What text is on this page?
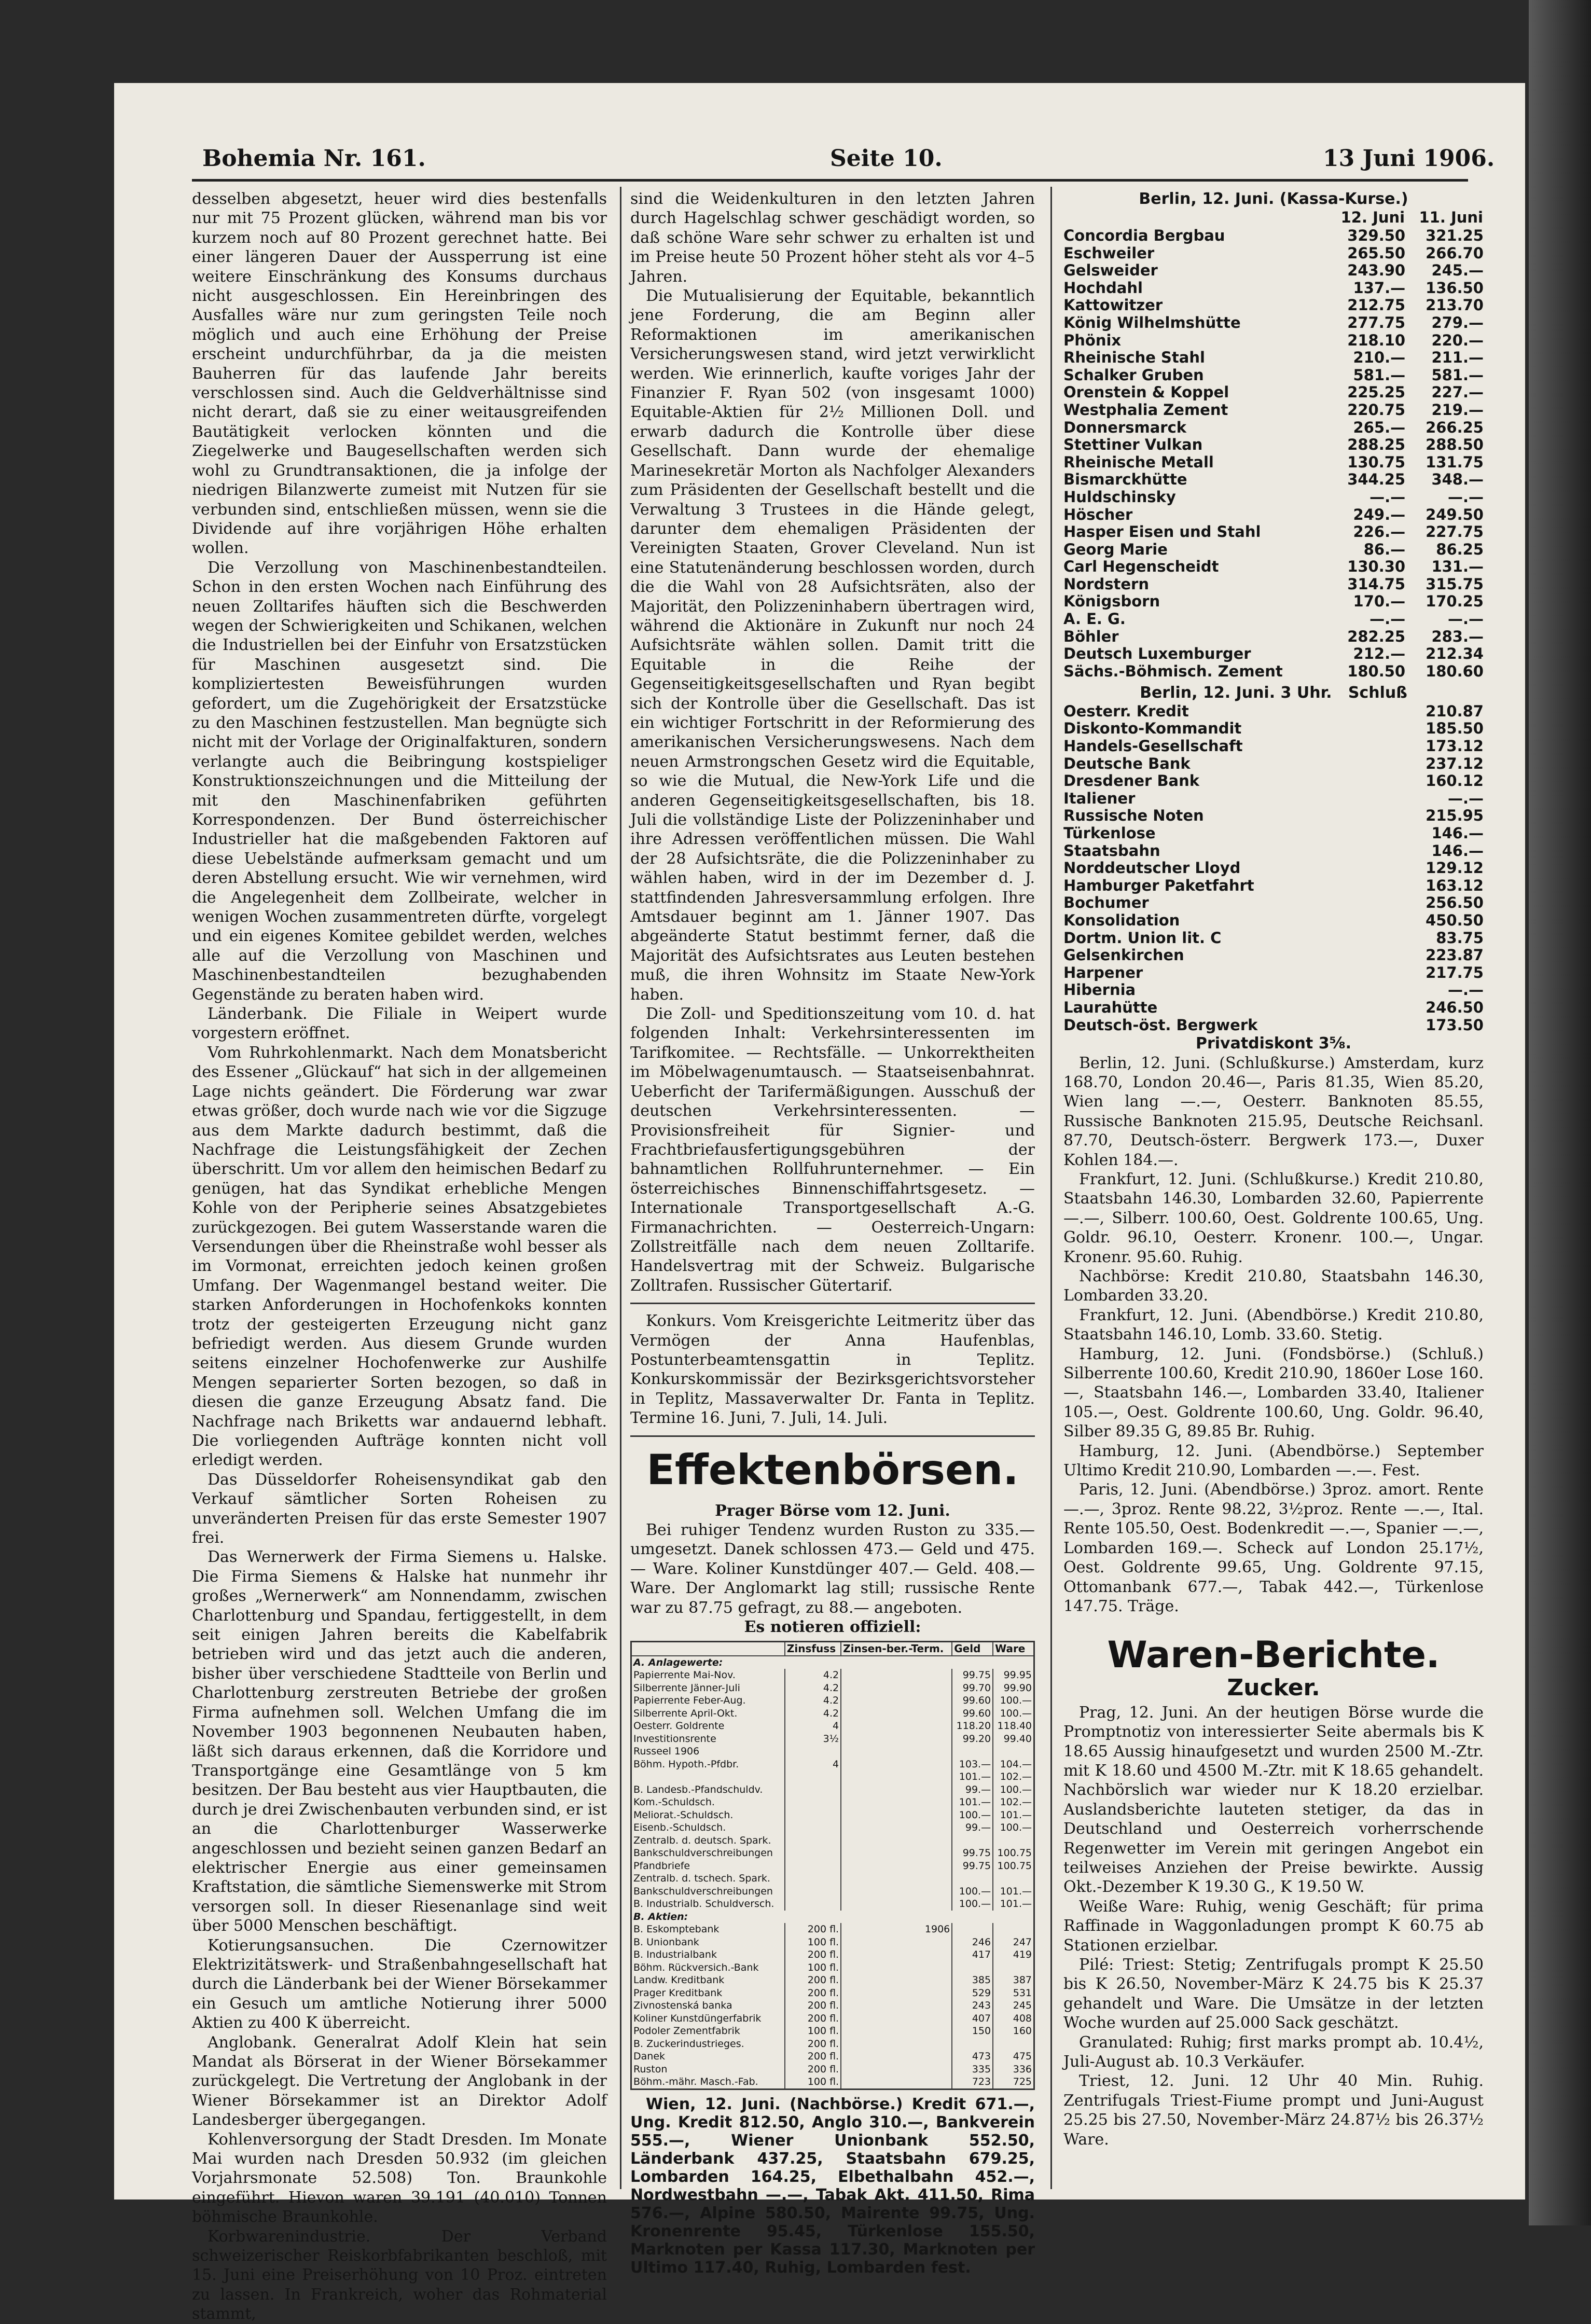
Bohemia Nr. 161.	Seite 10.	13 Juni 1906.

desselben abgesetzt, heuer wird dies bestenfalls nur mit 75 Prozent glücken, während man bis vor kurzem noch auf 80 Prozent gerechnet hatte. Bei einer längeren Dauer der Aussperrung ist eine weitere Einschränkung des Konsums durchaus nicht ausgeschlossen. Ein Hereinbringen des Ausfalles wäre nur zum geringsten Teile noch möglich und auch eine Erhöhung der Preise erscheint undurchführbar, da ja die meisten Bauherren für das laufende Jahr bereits verschlossen sind. Auch die Geldverhältnisse sind nicht derart, daß sie zu einer weitausgreifenden Bautätigkeit verlocken könnten und die Ziegelwerke und Baugesellschaften werden sich wohl zu Grundtransaktionen, die ja infolge der niedrigen Bilanzwerte zumeist mit Nutzen für sie verbunden sind, entschließen müssen, wenn sie die Dividende auf ihre vorjährigen Höhe erhalten wollen.

Die Verzollung von Maschinenbestandteilen. Schon in den ersten Wochen nach Einführung des neuen Zolltarifes häuften sich die Beschwerden wegen der Schwierigkeiten und Schikanen, welchen die Industriellen bei der Einfuhr von Ersatzstücken für Maschinen ausgesetzt sind. Die kompliziertesten Beweisführungen wurden gefordert, um die Zugehörigkeit der Ersatzstücke zu den Maschinen festzustellen. Man begnügte sich nicht mit der Vorlage der Originalfakturen, sondern verlangte auch die Beibringung kostspieliger Konstruktionszeichnungen und die Mitteilung der mit den Maschinenfabriken geführten Korrespondenzen. Der Bund österreichischer Industrieller hat die maßgebenden Faktoren auf diese Uebelstände aufmerksam gemacht und um deren Abstellung ersucht. Wie wir vernehmen, wird die Angelegenheit dem Zollbeirate, welcher in wenigen Wochen zusammentreten dürfte, vorgelegt und ein eigenes Komitee gebildet werden, welches alle auf die Verzollung von Maschinen und Maschinenbestandteilen bezughabenden Gegenstände zu beraten haben wird.

Länderbank. Die Filiale in Weipert wurde vorgestern eröffnet.

Vom Ruhrkohlenmarkt. Nach dem Monatsbericht des Essener „Glückauf“ hat sich in der allgemeinen Lage nichts geändert. Die Förderung war zwar etwas größer, doch wurde nach wie vor die Sigzuge aus dem Markte dadurch bestimmt, daß die Nachfrage die Leistungsfähigkeit der Zechen überschritt. Um vor allem den heimischen Bedarf zu genügen, hat das Syndikat erhebliche Mengen Kohle von der Peripherie seines Absatzgebietes zurückgezogen. Bei gutem Wasserstande waren die Versendungen über die Rheinstraße wohl besser als im Vormonat, erreichten jedoch keinen großen Umfang. Der Wagenmangel bestand weiter. Die starken Anforderungen in Hochofenkoks konnten trotz der gesteigerten Erzeugung nicht ganz befriedigt werden. Aus diesem Grunde wurden seitens einzelner Hochofenwerke zur Aushilfe Mengen separierter Sorten bezogen, so daß in diesen die ganze Erzeugung Absatz fand. Die Nachfrage nach Briketts war andauernd lebhaft. Die vorliegenden Aufträge konnten nicht voll erledigt werden.

Das Düsseldorfer Roheisensyndikat gab den Verkauf sämtlicher Sorten Roheisen zu unveränderten Preisen für das erste Semester 1907 frei.

Das Wernerwerk der Firma Siemens u. Halske. Die Firma Siemens & Halske hat nunmehr ihr großes „Wernerwerk“ am Nonnendamm, zwischen Charlottenburg und Spandau, fertiggestellt, in dem seit einigen Jahren bereits die Kabelfabrik betrieben wird und das jetzt auch die anderen, bisher über verschiedene Stadtteile von Berlin und Charlottenburg zerstreuten Betriebe der großen Firma aufnehmen soll. Welchen Umfang die im November 1903 begonnenen Neubauten haben, läßt sich daraus erkennen, daß die Korridore und Transportgänge eine Gesamtlänge von 5 km besitzen. Der Bau besteht aus vier Hauptbauten, die durch je drei Zwischenbauten verbunden sind, er ist an die Charlottenburger Wasserwerke angeschlossen und bezieht seinen ganzen Bedarf an elektrischer Energie aus einer gemeinsamen Kraftstation, die sämtliche Siemenswerke mit Strom versorgen soll. In dieser Riesenanlage sind weit über 5000 Menschen beschäftigt.

Kotierungsansuchen. Die Czernowitzer Elektrizitätswerk- und Straßenbahngesellschaft hat durch die Länderbank bei der Wiener Börsekammer ein Gesuch um amtliche Notierung ihrer 5000 Aktien zu 400 K überreicht.

Anglobank. Generalrat Adolf Klein hat sein Mandat als Börserat in der Wiener Börsekammer zurückgelegt. Die Vertretung der Anglobank in der Wiener Börsekammer ist an Direktor Adolf Landesberger übergegangen.

Kohlenversorgung der Stadt Dresden. Im Monate Mai wurden nach Dresden 50.932 (im gleichen Vorjahrsmonate 52.508) Ton. Braunkohle eingeführt. Hievon waren 39.191 (40.010) Tonnen böhmische Braunkohle.

Korbwarenindustrie. Der Verband schweizerischer Reiskorbfabrikanten beschloß, mit 15. Juni eine Preiserhöhung von 10 Proz. eintreten zu lassen. In Frankreich, woher das Rohmaterial stammt,

sind die Weidenkulturen in den letzten Jahren durch Hagelschlag schwer geschädigt worden, so daß schöne Ware sehr schwer zu erhalten ist und im Preise heute 50 Prozent höher steht als vor 4–5 Jahren.

Die Mutualisierung der Equitable, bekanntlich jene Forderung, die am Beginn aller Reformaktionen im amerikanischen Versicherungswesen stand, wird jetzt verwirklicht werden. Wie erinnerlich, kaufte voriges Jahr der Finanzier F. Ryan 502 (von insgesamt 1000) Equitable-Aktien für 2½ Millionen Doll. und erwarb dadurch die Kontrolle über diese Gesellschaft. Dann wurde der ehemalige Marinesekretär Morton als Nachfolger Alexanders zum Präsidenten der Gesellschaft bestellt und die Verwaltung 3 Trustees in die Hände gelegt, darunter dem ehemaligen Präsidenten der Vereinigten Staaten, Grover Cleveland. Nun ist eine Statutenänderung beschlossen worden, durch die die Wahl von 28 Aufsichtsräten, also der Majorität, den Polizzeninhabern übertragen wird, während die Aktionäre in Zukunft nur noch 24 Aufsichtsräte wählen sollen. Damit tritt die Equitable in die Reihe der Gegenseitigkeitsgesellschaften und Ryan begibt sich der Kontrolle über die Gesellschaft. Das ist ein wichtiger Fortschritt in der Reformierung des amerikanischen Versicherungswesens. Nach dem neuen Armstrongschen Gesetz wird die Equitable, so wie die Mutual, die New-York Life und die anderen Gegenseitigkeitsgesellschaften, bis 18. Juli die vollständige Liste der Polizzeninhaber und ihre Adressen veröffentlichen müssen. Die Wahl der 28 Aufsichtsräte, die die Polizzeninhaber zu wählen haben, wird in der im Dezember d. J. stattfindenden Jahresversammlung erfolgen. Ihre Amtsdauer beginnt am 1. Jänner 1907. Das abgeänderte Statut bestimmt ferner, daß die Majorität des Aufsichtsrates aus Leuten bestehen muß, die ihren Wohnsitz im Staate New-York haben.

Die Zoll- und Speditionszeitung vom 10. d. hat folgenden Inhalt: Verkehrsinteressenten im Tarifkomitee. — Rechtsfälle. — Unkorrektheiten im Möbelwagenumtausch. — Staatseisenbahnrat. Ueberficht der Tarifermäßigungen. Ausschuß der deutschen Verkehrsinteressenten. — Provisionsfreiheit für Signier- und Frachtbriefausfertigungsgebühren der bahnamtlichen Rollfuhrunternehmer. — Ein österreichisches Binnenschiffahrtsgesetz. — Internationale Transportgesellschaft A.-G. Firmanachrichten. — Oesterreich-Ungarn: Zollstreitfälle nach dem neuen Zolltarife. Handelsvertrag mit der Schweiz. Bulgarische Zolltrafen. Russischer Gütertarif.

Konkurs. Vom Kreisgerichte Leitmeritz über das Vermögen der Anna Haufenblas, Postunterbeamtensgattin in Teplitz. Konkurskommissär der Bezirksgerichtsvorsteher in Teplitz, Massaverwalter Dr. Fanta in Teplitz. Termine 16. Juni, 7. Juli, 14. Juli.

Effektenbörsen.

Prager Börse vom 12. Juni.

Bei ruhiger Tendenz wurden Ruston zu 335.— umgesetzt. Danek schlossen 473.— Geld und 475.— Ware. Koliner Kunstdünger 407.— Geld. 408.— Ware. Der Anglomarkt lag still; russische Rente war zu 87.75 gefragt, zu 88.— angeboten.

Es notieren offiziell:

	Zinsfuss	Zinsen-ber.-Term.	Geld	Ware
A. Anlagewerte:				
Papierrente Mai-Nov.	4.2		99.75	99.95
Silberrente Jänner-Juli	4.2		99.70	99.90
Papierrente Feber-Aug.	4.2		99.60	100.—
Silberrente April-Okt.	4.2		99.60	100.—
Oesterr. Goldrente	4		118.20	118.40
Investitionsrente	3½		99.20	99.40
Russeel 1906				
Böhm. Hypoth.-Pfdbr.	4		103.—	104.—
			101.—	102.—
B. Landesb.-Pfandschuldv.			99.—	100.—
Kom.-Schuldsch.			101.—	102.—
Meliorat.-Schuldsch.			100.—	101.—
Eisenb.-Schuldsch.			99.—	100.—
Zentralb. d. deutsch. Spark.				
Bankschuldverschreibungen			99.75	100.75
Pfandbriefe			99.75	100.75
Zentralb. d. tschech. Spark.				
Bankschuldverschreibungen			100.—	101.—
B. Industrialb. Schuldversch.			100.—	101.—
B. Aktien:				
B. Eskomptebank	200 fl.	1906		
B. Unionbank	100 fl.		246	247
B. Industrialbank	200 fl.		417	419
Böhm. Rückversich.-Bank	100 fl.			
Landw. Kreditbank	200 fl.		385	387
Prager Kreditbank	200 fl.		529	531
Zivnostenská banka	200 fl.		243	245
Koliner Kunstdüngerfabrik	200 fl.		407	408
Podoler Zementfabrik	100 fl.		150	160
B. Zuckerindustrieges.	200 fl.			
Danek	200 fl.		473	475
Ruston	200 fl.		335	336
Böhm.-mähr. Masch.-Fab.	100 fl.		723	725

Wien, 12. Juni. (Nachbörse.) Kredit 671.—, Ung. Kredit 812.50, Anglo 310.—, Bankverein 555.—, Wiener Unionbank 552.50, Länderbank 437.25, Staatsbahn 679.25, Lombarden 164.25, Elbethalbahn 452.—, Nordwestbahn —.—, Tabak Akt. 411.50, Rima 576.—, Alpine 580.50, Mairente 99.75, Ung. Kronenrente 95.45, Türkenlose 155.50, Marknoten per Kassa 117.30, Marknoten per Ultimo 117.40, Ruhig, Lombarden fest.

Berlin, 12. Juni. (Kassa-Kurse.)
	12. Juni	11. Juni
Concordia Bergbau	329.50	321.25
Eschweiler	265.50	266.70
Gelsweider	243.90	245.—
Hochdahl	137.—	136.50
Kattowitzer	212.75	213.70
König Wilhelmshütte	277.75	279.—
Phönix	218.10	220.—
Rheinische Stahl	210.—	211.—
Schalker Gruben	581.—	581.—
Orenstein & Koppel	225.25	227.—
Westphalia Zement	220.75	219.—
Donnersmarck	265.—	266.25
Stettiner Vulkan	288.25	288.50
Rheinische Metall	130.75	131.75
Bismarckhütte	344.25	348.—
Huldschinsky	—.—	—.—
Höscher	249.—	249.50
Hasper Eisen und Stahl	226.—	227.75
Georg Marie	86.—	86.25
Carl Hegenscheidt	130.30	131.—
Nordstern	314.75	315.75
Königsborn	170.—	170.25
A. E. G.	—.—	—.—
Böhler	282.25	283.—
Deutsch Luxemburger	212.—	212.34
Sächs.-Böhmisch. Zement	180.50	180.60
Berlin, 12. Juni. 3 Uhr. Schluß
Oesterr. Kredit	210.87
Diskonto-Kommandit	185.50
Handels-Gesellschaft	173.12
Deutsche Bank	237.12
Dresdener Bank	160.12
Italiener	—.—
Russische Noten	215.95
Türkenlose	146.—
Staatsbahn	146.—
Norddeutscher Lloyd	129.12
Hamburger Paketfahrt	163.12
Bochumer	256.50
Konsolidation	450.50
Dortm. Union lit. C	83.75
Gelsenkirchen	223.87
Harpener	217.75
Hibernia	—.—
Laurahütte	246.50
Deutsch-öst. Bergwerk	173.50
Privatdiskont 3⅝.

Berlin, 12. Juni. (Schlußkurse.) Amsterdam, kurz 168.70, London 20.46—, Paris 81.35, Wien 85.20, Wien lang —.—, Oesterr. Banknoten 85.55, Russische Banknoten 215.95, Deutsche Reichsanl. 87.70, Deutsch-österr. Bergwerk 173.—, Duxer Kohlen 184.—.

Frankfurt, 12. Juni. (Schlußkurse.) Kredit 210.80, Staatsbahn 146.30, Lombarden 32.60, Papierrente —.—, Silberr. 100.60, Oest. Goldrente 100.65, Ung. Goldr. 96.10, Oesterr. Kronenr. 100.—, Ungar. Kronenr. 95.60. Ruhig.

Nachbörse: Kredit 210.80, Staatsbahn 146.30, Lombarden 33.20.

Frankfurt, 12. Juni. (Abendbörse.) Kredit 210.80, Staatsbahn 146.10, Lomb. 33.60. Stetig.

Hamburg, 12. Juni. (Fondsbörse.) (Schluß.) Silberrente 100.60, Kredit 210.90, 1860er Lose 160.—, Staatsbahn 146.—, Lombarden 33.40, Italiener 105.—, Oest. Goldrente 100.60, Ung. Goldr. 96.40, Silber 89.35 G, 89.85 Br. Ruhig.

Hamburg, 12. Juni. (Abendbörse.) September Ultimo Kredit 210.90, Lombarden —.—. Fest.

Paris, 12. Juni. (Abendbörse.) 3proz. amort. Rente —.—, 3proz. Rente 98.22, 3½proz. Rente —.—, Ital. Rente 105.50, Oest. Bodenkredit —.—, Spanier —.—, Lombarden 169.—. Scheck auf London 25.17½, Oest. Goldrente 99.65, Ung. Goldrente 97.15, Ottomanbank 677.—, Tabak 442.—, Türkenlose 147.75. Träge.

Waren-Berichte.
Zucker.

Prag, 12. Juni. An der heutigen Börse wurde die Promptnotiz von interessierter Seite abermals bis K 18.65 Aussig hinaufgesetzt und wurden 2500 M.-Ztr. mit K 18.60 und 4500 M.-Ztr. mit K 18.65 gehandelt. Nachbörslich war wieder nur K 18.20 erzielbar. Auslandsberichte lauteten stetiger, da das in Deutschland und Oesterreich vorherrschende Regenwetter im Verein mit geringen Angebot ein teilweises Anziehen der Preise bewirkte. Aussig Okt.-Dezember K 19.30 G., K 19.50 W.

Weiße Ware: Ruhig, wenig Geschäft; für prima Raffinade in Waggonladungen prompt K 60.75 ab Stationen erzielbar.

Pilé: Triest: Stetig; Zentrifugals prompt K 25.50 bis K 26.50, November-März K 24.75 bis K 25.37 gehandelt und Ware. Die Umsätze in der letzten Woche wurden auf 25.000 Sack geschätzt.

Granulated: Ruhig; first marks prompt ab. 10.4½, Juli-August ab. 10.3 Verkäufer.

Triest, 12. Juni. 12 Uhr 40 Min. Ruhig. Zentrifugals Triest-Fiume prompt und Juni-August 25.25 bis 27.50, November-März 24.87½ bis 26.37½ Ware.
